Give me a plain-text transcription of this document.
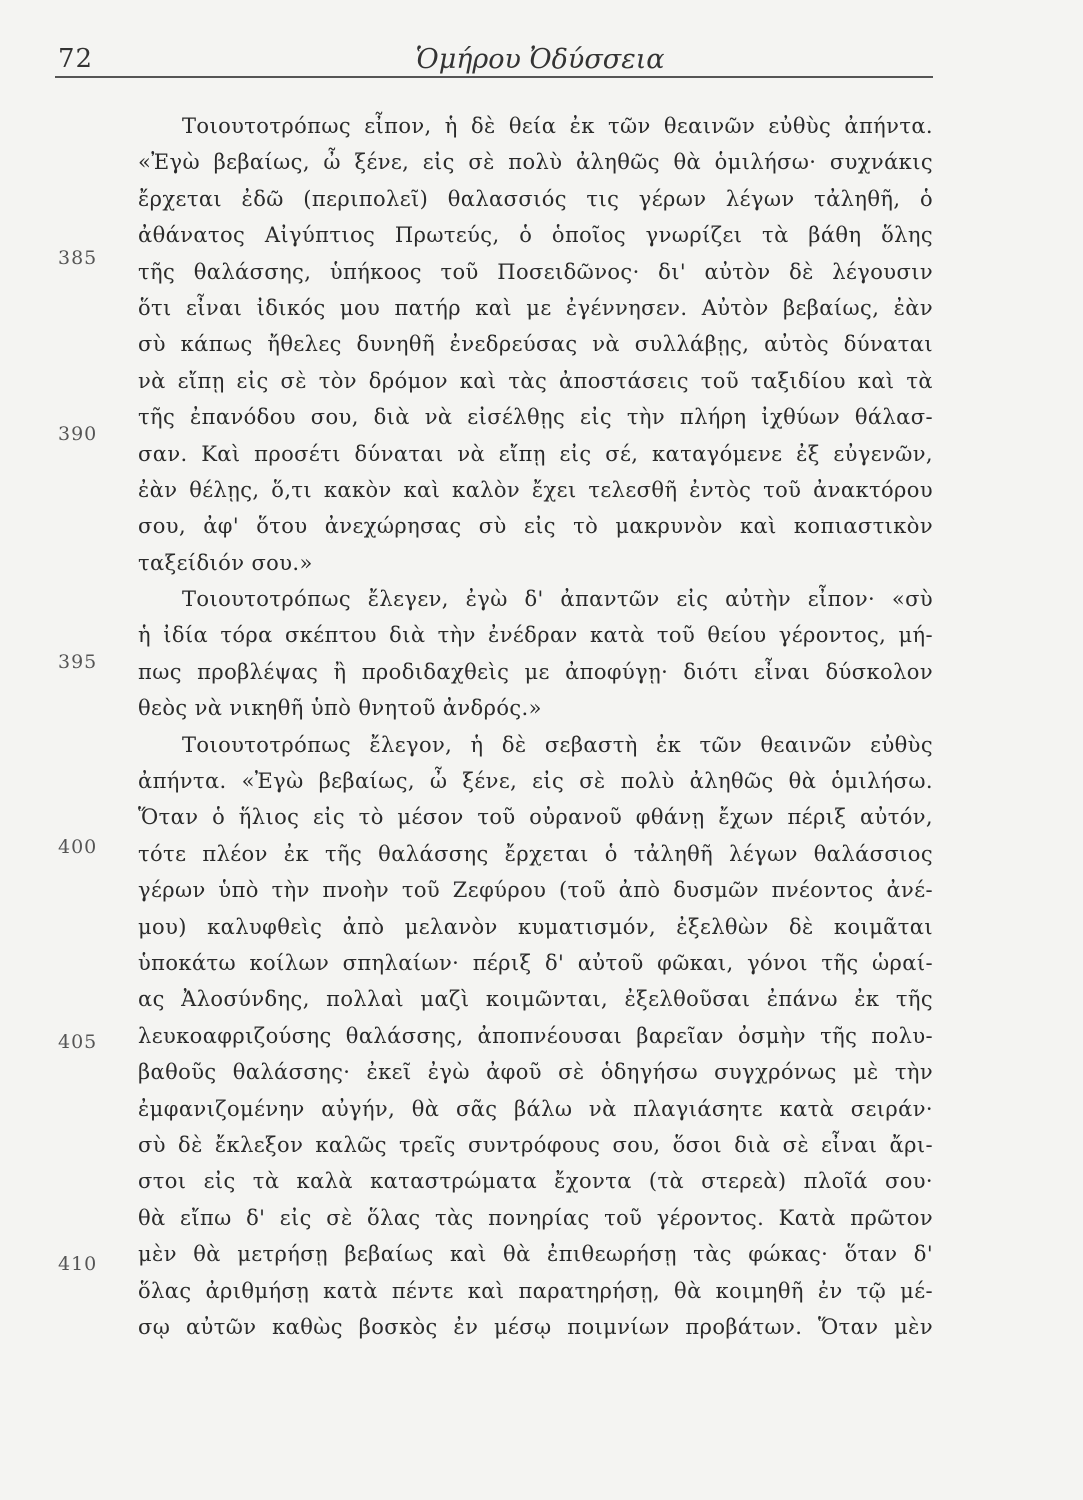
72	Ὁμήρου Ὀδύσσεια
Τοιουτοτρόπως εἶπον, ἡ δὲ θεία ἐκ τῶν θεαινῶν εὐθὺς ἀπήντα.
«Ἐγὼ βεβαίως, ὦ ξένε, εἰς σὲ πολὺ ἀληθῶς θὰ ὁμιλήσω· συχνάκις
ἔρχεται ἐδῶ (περιπολεῖ) θαλασσιός τις γέρων λέγων τἀληθῆ, ὁ
ἀθάνατος Αἰγύπτιος Πρωτεύς, ὁ ὁποῖος γνωρίζει τὰ βάθη ὅλης
τῆς θαλάσσης, ὑπήκοος τοῦ Ποσειδῶνος· δι' αὐτὸν δὲ λέγουσιν
ὅτι εἶναι ἰδικός μου πατήρ καὶ με ἐγέννησεν. Αὐτὸν βεβαίως, ἐὰν
σὺ κάπως ἤθελες δυνηθῆ ἐνεδρεύσας νὰ συλλάβῃς, αὐτὸς δύναται
νὰ εἴπῃ εἰς σὲ τὸν δρόμον καὶ τὰς ἀποστάσεις τοῦ ταξιδίου καὶ τὰ
τῆς ἐπανόδου σου, διὰ νὰ εἰσέλθῃς εἰς τὴν πλήρη ἰχθύων θάλασ-
σαν. Καὶ προσέτι δύναται νὰ εἴπῃ εἰς σέ, καταγόμενε ἐξ εὐγενῶν,
ἐὰν θέλῃς, ὅ,τι κακὸν καὶ καλὸν ἔχει τελεσθῆ ἐντὸς τοῦ ἀνακτόρου
σου, ἀφ' ὅτου ἀνεχώρησας σὺ εἰς τὸ μακρυνὸν καὶ κοπιαστικὸν
ταξείδιόν σου.»
Τοιουτοτρόπως ἔλεγεν, ἐγὼ δ' ἀπαντῶν εἰς αὐτὴν εἶπον· «σὺ
ἡ ἰδία τόρα σκέπτου διὰ τὴν ἐνέδραν κατὰ τοῦ θείου γέροντος, μή-
πως προβλέψας ἢ προδιδαχθεὶς με ἀποφύγῃ· διότι εἶναι δύσκολον
θεὸς νὰ νικηθῆ ὑπὸ θνητοῦ ἀνδρός.»
Τοιουτοτρόπως ἔλεγον, ἡ δὲ σεβαστὴ ἐκ τῶν θεαινῶν εὐθὺς
ἀπήντα. «Ἐγὼ βεβαίως, ὦ ξένε, εἰς σὲ πολὺ ἀληθῶς θὰ ὁμιλήσω.
Ὅταν ὁ ἥλιος εἰς τὸ μέσον τοῦ οὐρανοῦ φθάνῃ ἔχων πέριξ αὐτόν,
τότε πλέον ἐκ τῆς θαλάσσης ἔρχεται ὁ τἀληθῆ λέγων θαλάσσιος
γέρων ὑπὸ τὴν πνοὴν τοῦ Ζεφύρου (τοῦ ἀπὸ δυσμῶν πνέοντος ἀνέ-
μου) καλυφθεὶς ἀπὸ μελανὸν κυματισμόν, ἐξελθὼν δὲ κοιμᾶται
ὑποκάτω κοίλων σπηλαίων· πέριξ δ' αὐτοῦ φῶκαι, γόνοι τῆς ὡραί-
ας Ἀλοσύνδης, πολλαὶ μαζὶ κοιμῶνται, ἐξελθοῦσαι ἐπάνω ἐκ τῆς
λευκοαφριζούσης θαλάσσης, ἀποπνέουσαι βαρεῖαν ὀσμὴν τῆς πολυ-
βαθοῦς θαλάσσης· ἐκεῖ ἐγὼ ἀφοῦ σὲ ὁδηγήσω συγχρόνως μὲ τὴν
ἐμφανιζομένην αὐγήν, θὰ σᾶς βάλω νὰ πλαγιάσητε κατὰ σειράν·
σὺ δὲ ἔκλεξον καλῶς τρεῖς συντρόφους σου, ὅσοι διὰ σὲ εἶναι ἄρι-
στοι εἰς τὰ καλὰ καταστρώματα ἔχοντα (τὰ στερεὰ) πλοῖά σου·
θὰ εἴπω δ' εἰς σὲ ὅλας τὰς πονηρίας τοῦ γέροντος. Κατὰ πρῶτον
μὲν θὰ μετρήσῃ βεβαίως καὶ θὰ ἐπιθεωρήσῃ τὰς φώκας· ὅταν δ'
ὅλας ἀριθμήσῃ κατὰ πέντε καὶ παρατηρήσῃ, θὰ κοιμηθῆ ἐν τῷ μέ-
σῳ αὐτῶν καθὼς βοσκὸς ἐν μέσῳ ποιμνίων προβάτων. Ὅταν μὲν
385
390
395
400
405
410
